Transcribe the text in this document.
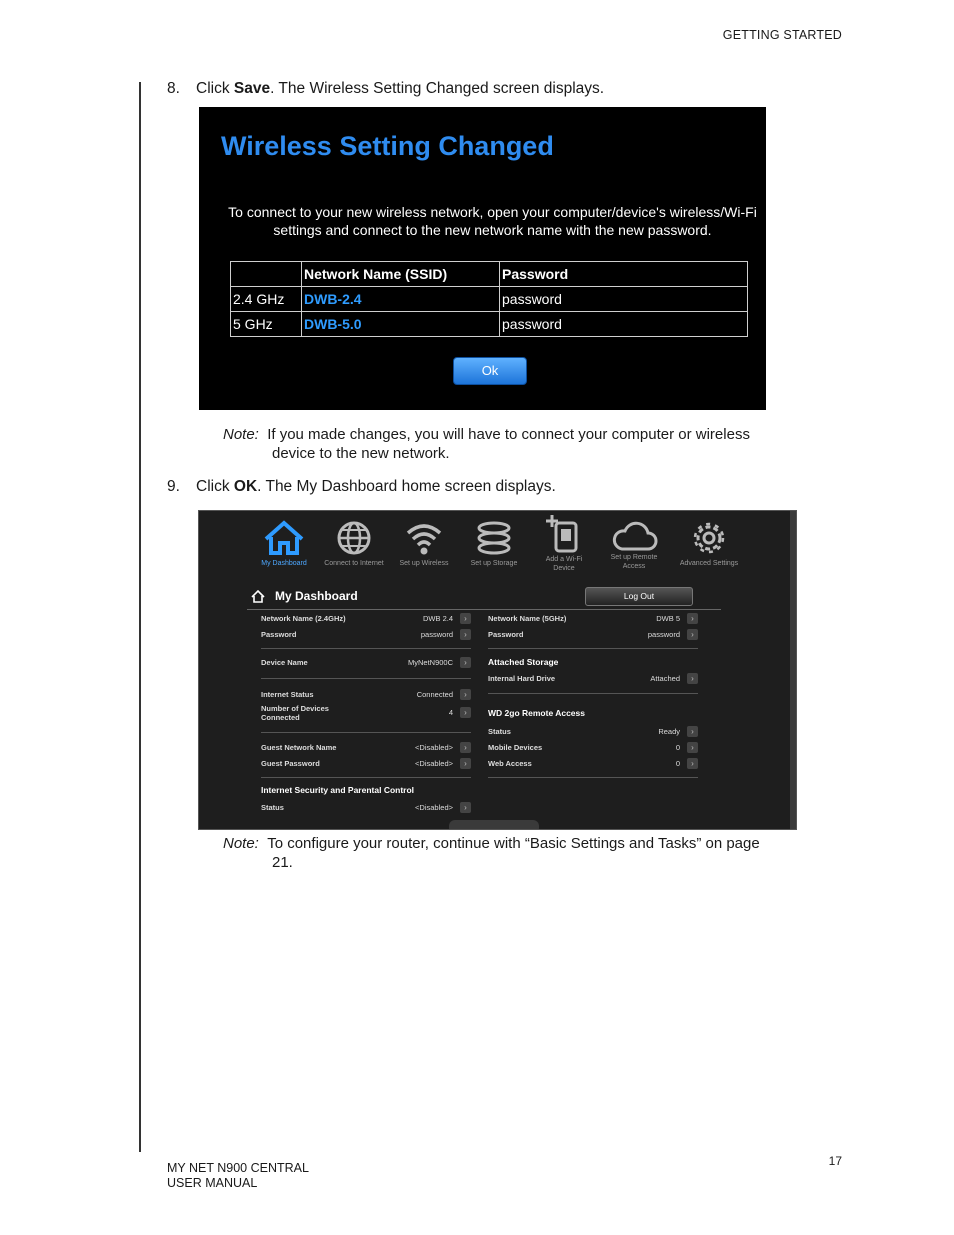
GETTING STARTED
8. Click Save. The Wireless Setting Changed screen displays.
Wireless Setting Changed
To connect to your new wireless network, open your computer/device's wireless/Wi-Fi settings and connect to the new network name with the new password.
	Network Name (SSID)	Password
2.4 GHz	DWB-2.4	password
5 GHz	DWB-5.0	password
Ok
Note: If you made changes, you will have to connect your computer or wireless
device to the new network.
9. Click OK. The My Dashboard home screen displays.
My Dashboard	Connect to Internet	Set up Wireless	Set up Storage
Add a Wi-Fi
Device
Set up Remote
Access	Advanced Settings
My Dashboard	Log Out
Network Name (2.4GHz)	DWB 2.4	›
Password	password	›
Device Name	MyNetN900C	›
Internet Status	Connected	›
Number of Devices
Connected
4	›
Guest Network Name	<Disabled>	›
Guest Password	<Disabled>	›
Internet Security and Parental Control
Status	<Disabled>	›
Network Name (5GHz)	DWB 5	›
Password	password	›
Attached Storage
Internal Hard Drive	Attached	›
WD 2go Remote Access
Status	Ready	›
Mobile Devices	0	›
Web Access	0	›
Note: To configure your router, continue with “Basic Settings and Tasks” on page
21.
MY NET N900 CENTRAL
USER MANUAL
17
